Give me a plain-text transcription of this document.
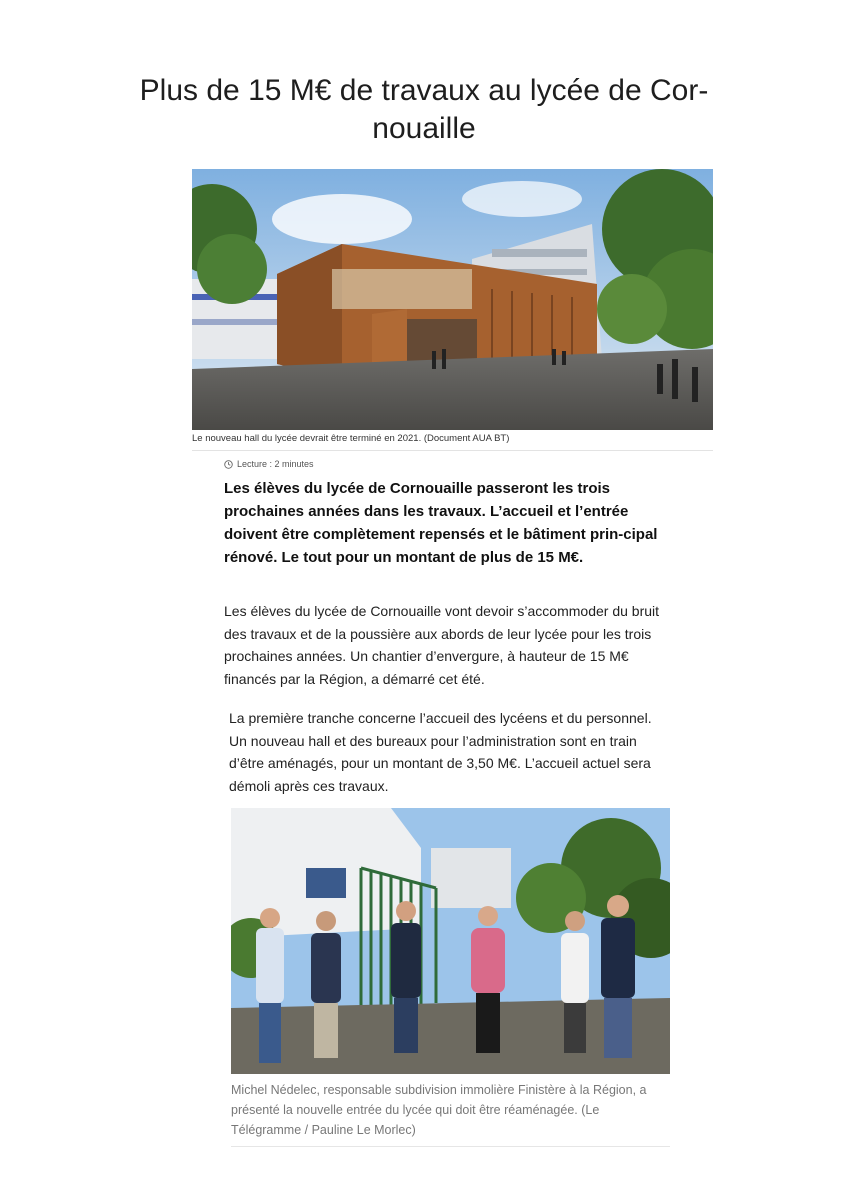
Plus de 15 M€ de travaux au lycée de Cor-nouaille
Le nouveau hall du lycée devrait être terminé en 2021. (Document AUA BT)
Lecture : 2 minutes

Les élèves du lycée de Cornouaille passeront les trois prochaines années dans les travaux. L’accueil et l’entrée doivent être complètement repensés et le bâtiment prin-cipal rénové. Le tout pour un montant de plus de 15 M€.

Les élèves du lycée de Cornouaille vont devoir s’accommoder du bruit des travaux et de la poussière aux abords de leur lycée pour les trois prochaines années. Un chantier d’envergure, à hauteur de 15 M€ financés par la Région, a démarré cet été.

La première tranche concerne l’accueil des lycéens et du personnel. Un nouveau hall et des bureaux pour l’administration sont en train d’être aménagés, pour un montant de 3,50 M€. L’accueil actuel sera démoli après ces travaux.

Michel Nédelec, responsable subdivision immolière Finistère à la Région, a présenté la nouvelle entrée du lycée qui doit être réaménagée. (Le Télégramme / Pauline Le Morlec)
